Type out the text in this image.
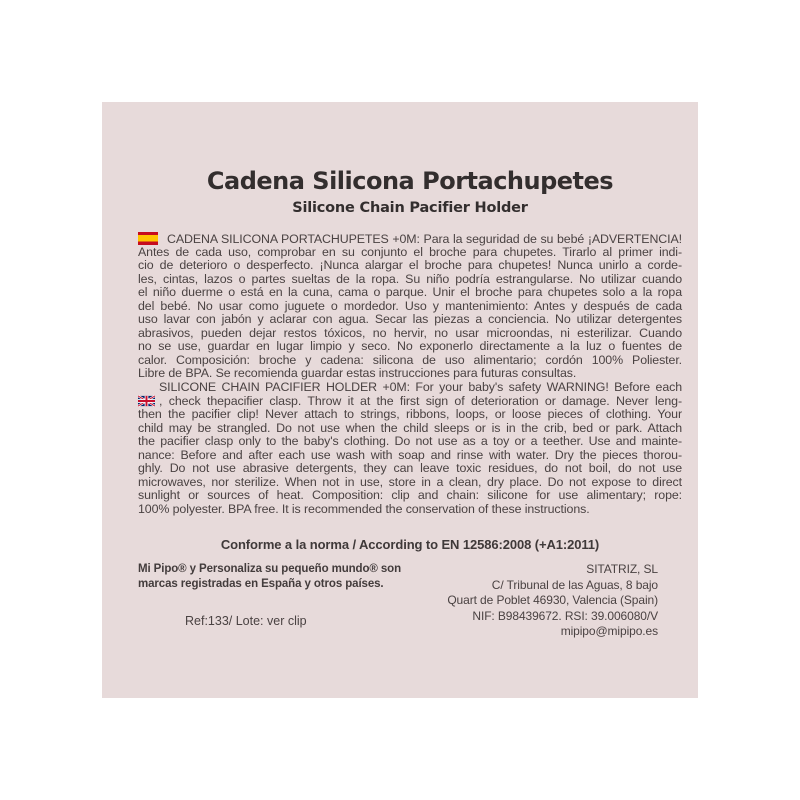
Cadena Silicona Portachupetes
Silicone Chain Pacifier Holder
CADENA SILICONA PORTACHUPETES +0M: Para la seguridad de su bebé ¡ADVERTENCIA!
Antes de cada uso, comprobar en su conjunto el broche para chupetes. Tirarlo al primer indi-
cio de deterioro o desperfecto. ¡Nunca alargar el broche para chupetes! Nunca unirlo a corde-
les, cintas, lazos o partes sueltas de la ropa. Su niño podría estrangularse. No utilizar cuando
el niño duerme o está en la cuna, cama o parque. Unir el broche para chupetes solo a la ropa
del bebé. No usar como juguete o mordedor. Uso y mantenimiento: Antes y después de cada
uso lavar con jabón y aclarar con agua. Secar las piezas a conciencia. No utilizar detergentes
abrasivos, pueden dejar restos tóxicos, no hervir, no usar microondas, ni esterilizar. Cuando
no se use, guardar en lugar limpio y seco. No exponerlo directamente a la luz o fuentes de
calor. Composición: broche y cadena: silicona de uso alimentario; cordón 100% Poliester.
Libre de BPA. Se recomienda guardar estas instrucciones para futuras consultas.
SILICONE CHAIN PACIFIER HOLDER +0M: For your baby's safety WARNING! Before each
, check thepacifier clasp. Throw it at the first sign of deterioration or damage. Never leng-
then the pacifier clip! Never attach to strings, ribbons, loops, or loose pieces of clothing. Your
child may be strangled. Do not use when the child sleeps or is in the crib, bed or park. Attach
the pacifier clasp only to the baby's clothing. Do not use as a toy or a teether. Use and mainte-
nance: Before and after each use wash with soap and rinse with water. Dry the pieces thorou-
ghly. Do not use abrasive detergents, they can leave toxic residues, do not boil, do not use
microwaves, nor sterilize. When not in use, store in a clean, dry place. Do not expose to direct
sunlight or sources of heat. Composition: clip and chain: silicone for use alimentary; rope:
100% polyester. BPA free. It is recommended the conservation of these instructions.
Conforme a la norma / According to EN 12586:2008 (+A1:2011)
Mi Pipo® y Personaliza su pequeño mundo® son
marcas registradas en España y otros países.
Ref:133/ Lote: ver clip
SITATRIZ, SL
C/ Tribunal de las Aguas, 8 bajo
Quart de Poblet 46930, Valencia (Spain)
NIF: B98439672. RSI: 39.006080/V
mipipo@mipipo.es
